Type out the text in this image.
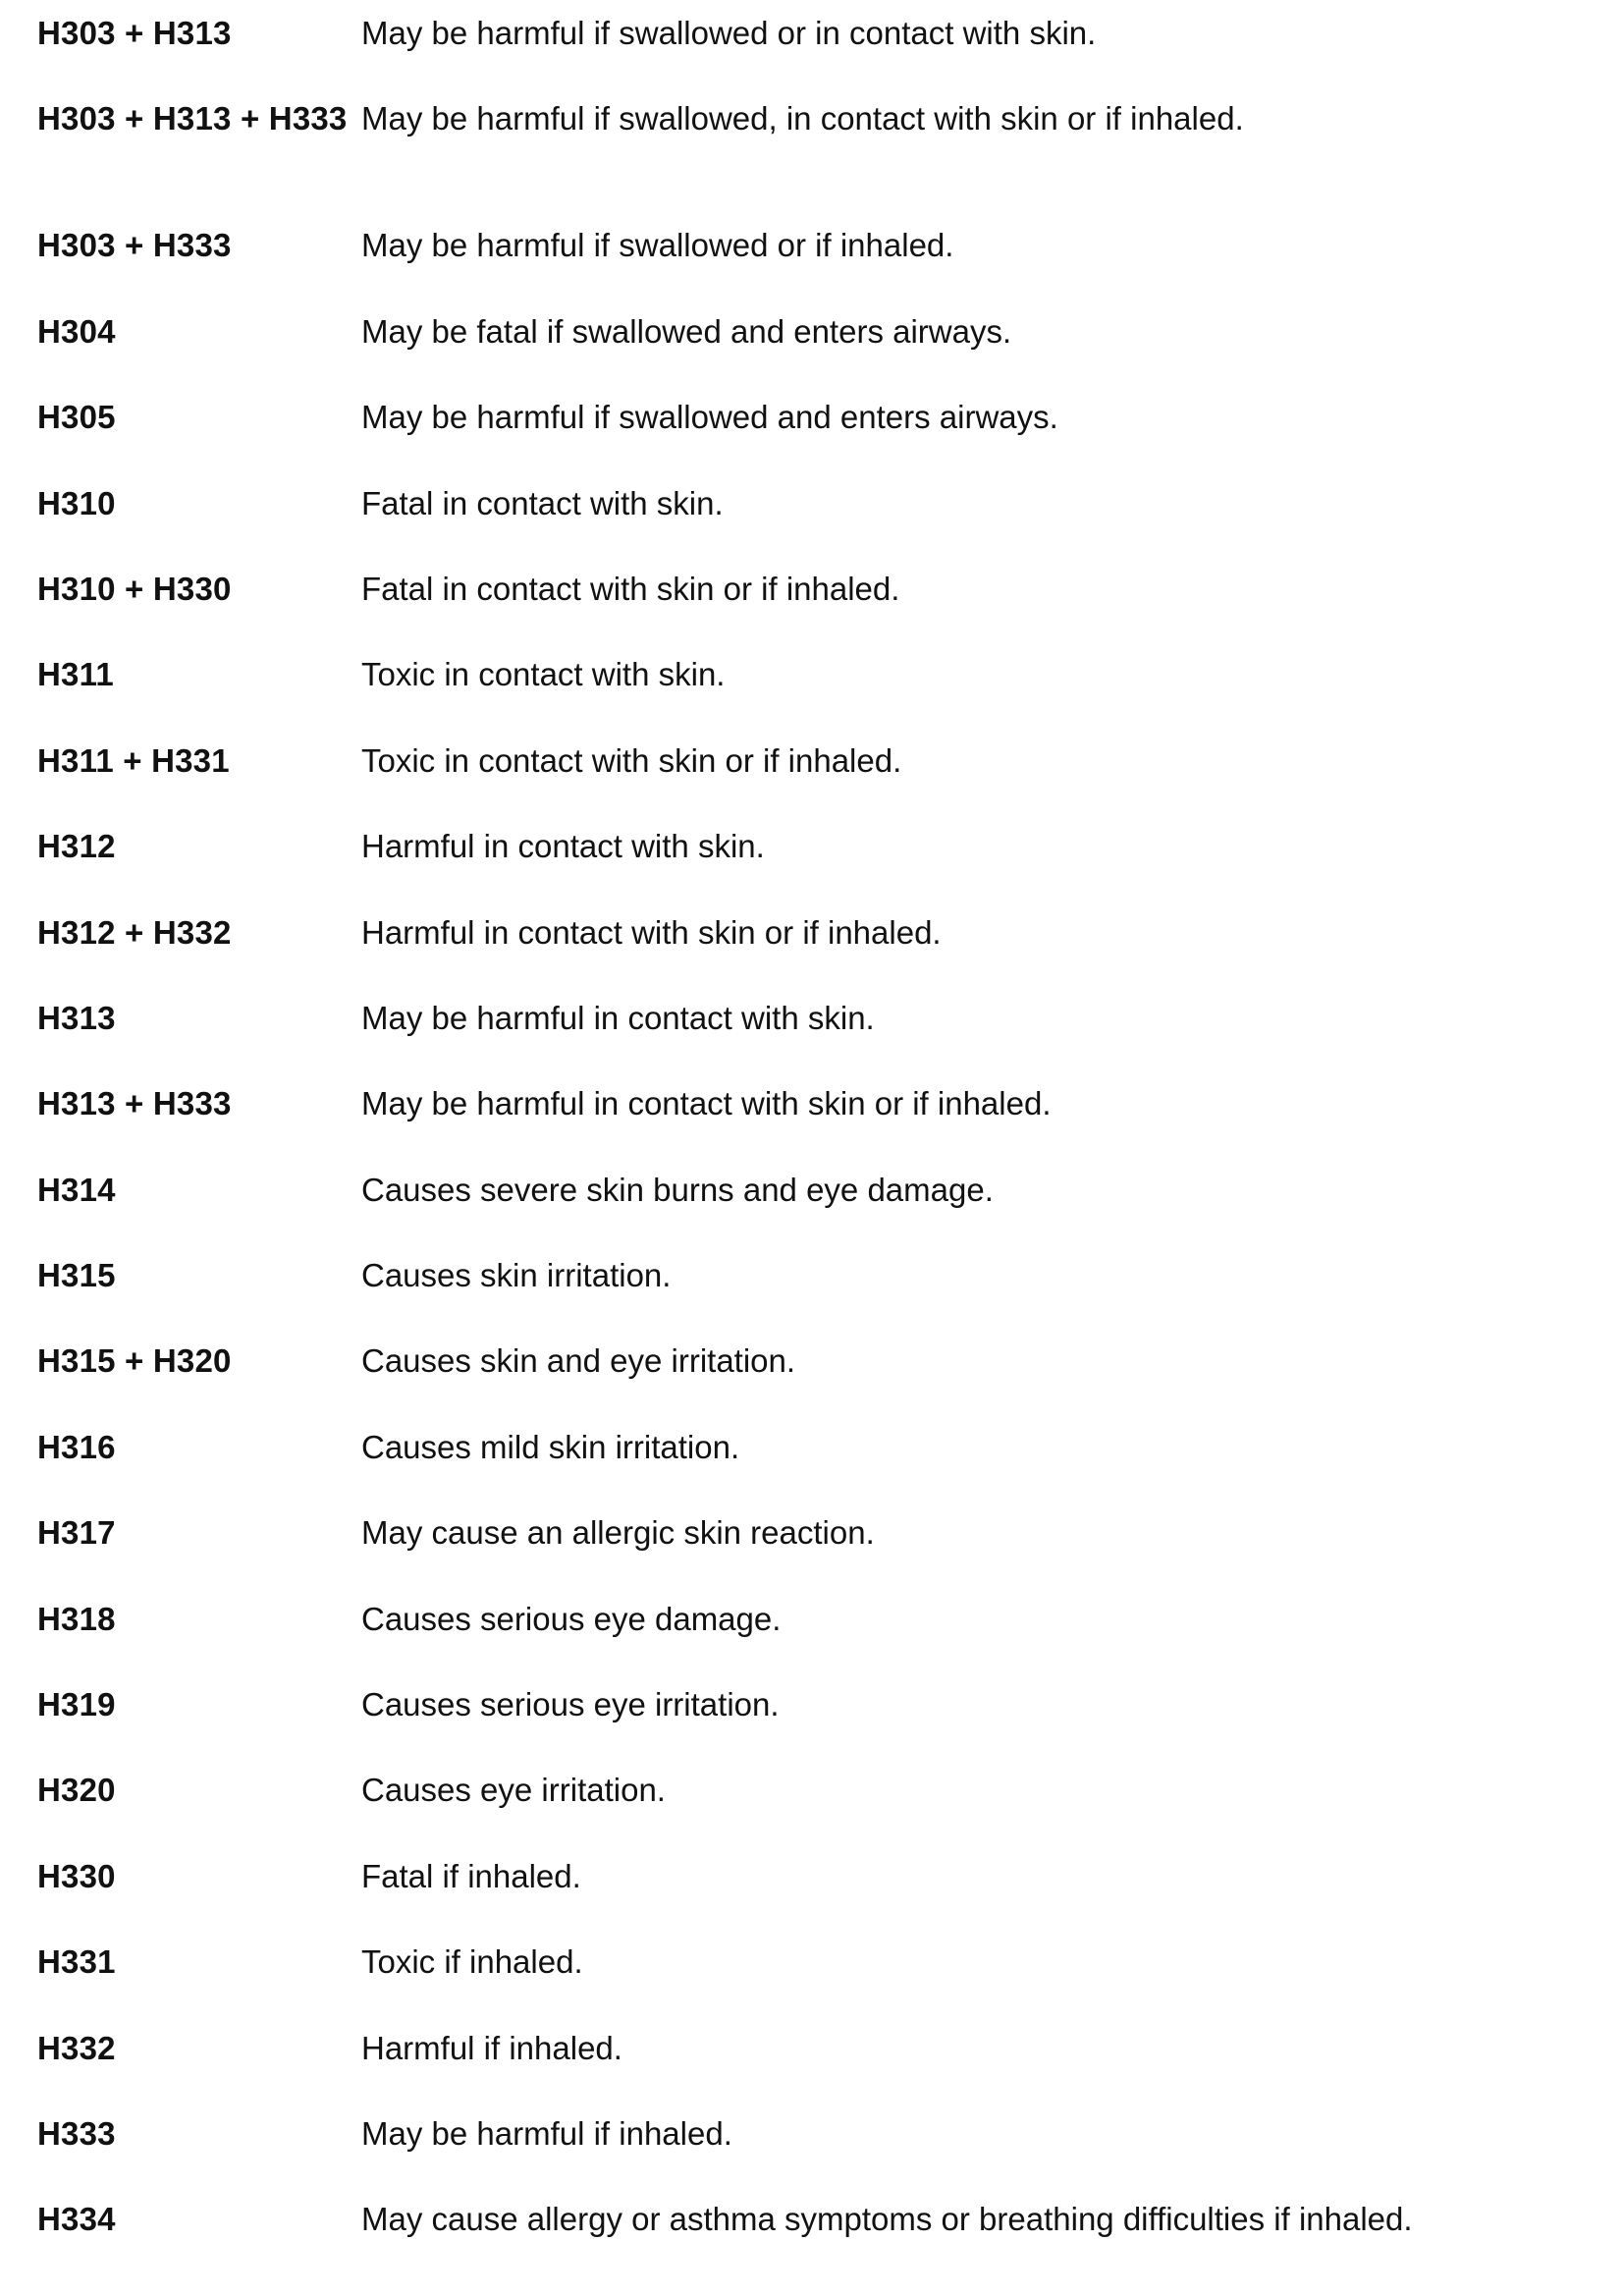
H303 + H313	May be harmful if swallowed or in contact with skin.
H303 + H313 + H333 May be harmful if swallowed, in contact with skin or if inhaled.
H303 + H333	May be harmful if swallowed or if inhaled.
H304	May be fatal if swallowed and enters airways.
H305	May be harmful if swallowed and enters airways.
H310	Fatal in contact with skin.
H310 + H330	Fatal in contact with skin or if inhaled.
H311	Toxic in contact with skin.
H311 + H331	Toxic in contact with skin or if inhaled.
H312	Harmful in contact with skin.
H312 + H332	Harmful in contact with skin or if inhaled.
H313	May be harmful in contact with skin.
H313 + H333	May be harmful in contact with skin or if inhaled.
H314	Causes severe skin burns and eye damage.
H315	Causes skin irritation.
H315 + H320	Causes skin and eye irritation.
H316	Causes mild skin irritation.
H317	May cause an allergic skin reaction.
H318	Causes serious eye damage.
H319	Causes serious eye irritation.
H320	Causes eye irritation.
H330	Fatal if inhaled.
H331	Toxic if inhaled.
H332	Harmful if inhaled.
H333	May be harmful if inhaled.
H334	May cause allergy or asthma symptoms or breathing difficulties if inhaled.
